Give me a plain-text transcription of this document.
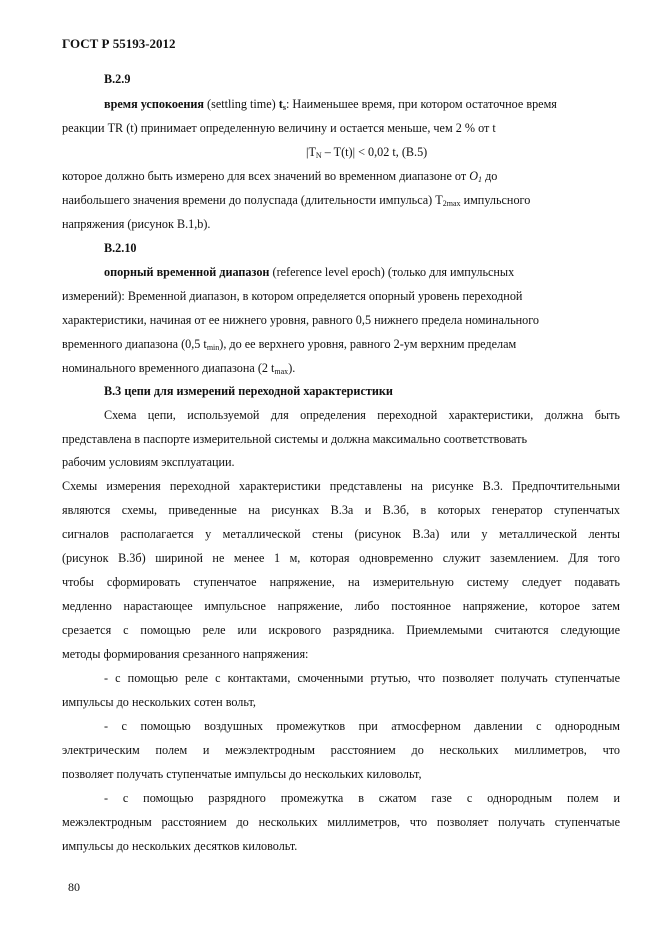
ГОСТ Р 55193-2012
В.2.9
время успокоения (settling time) $t_s$: Наименьшее время, при котором остаточное время
реакции TR (t) принимает определенную величину и остается меньше, чем 2 % от t
$|T_N - T(t)| < 0,02$ t, (B.5)
которое должно быть измерено для всех значений во временном диапазоне от $O_1$ до
наибольшего значения времени до полуспада (длительности импульса) $T_{2max}$ импульсного
напряжения (рисунок B.1,b).
В.2.10
опорный временной диапазон (reference level epoch) (только для импульсных
измерений): Временной диапазон, в котором определяется опорный уровень переходной
характеристики, начиная от ее нижнего уровня, равного 0,5 нижнего предела номинального
временного диапазона (0,5 $t_{min}$), до ее верхнего уровня, равного 2-ум верхним пределам
номинального временного диапазона (2 $t_{max}$).
В.3 цепи для измерений переходной характеристики
Схема цепи, используемой для определения переходной характеристики, должна быть
представлена в паспорте измерительной системы и должна максимально соответствовать
рабочим условиям эксплуатации.
Схемы измерения переходной характеристики представлены на рисунке В.3. Предпочтительными
являются схемы, приведенные на рисунках В.3а и В.3б, в которых генератор ступенчатых
сигналов располагается у металлической стены (рисунок В.3а) или у металлической ленты
(рисунок В.3б) шириной не менее 1 м, которая одновременно служит заземлением. Для того
чтобы сформировать ступенчатое напряжение, на измерительную систему следует подавать
медленно нарастающее импульсное напряжение, либо постоянное напряжение, которое затем
срезается с помощью реле или искрового разрядника. Приемлемыми считаются следующие
методы формирования срезанного напряжения:
- с помощью реле с контактами, смоченными ртутью, что позволяет получать ступенчатые
импульсы до нескольких сотен вольт,
- с помощью воздушных промежутков при атмосферном давлении с однородным
электрическим полем и межэлектродным расстоянием до нескольких миллиметров, что
позволяет получать ступенчатые импульсы до нескольких киловольт,
- с помощью разрядного промежутка в сжатом газе с однородным полем и
межэлектродным расстоянием до нескольких миллиметров, что позволяет получать ступенчатые
импульсы до нескольких десятков киловольт.
80
